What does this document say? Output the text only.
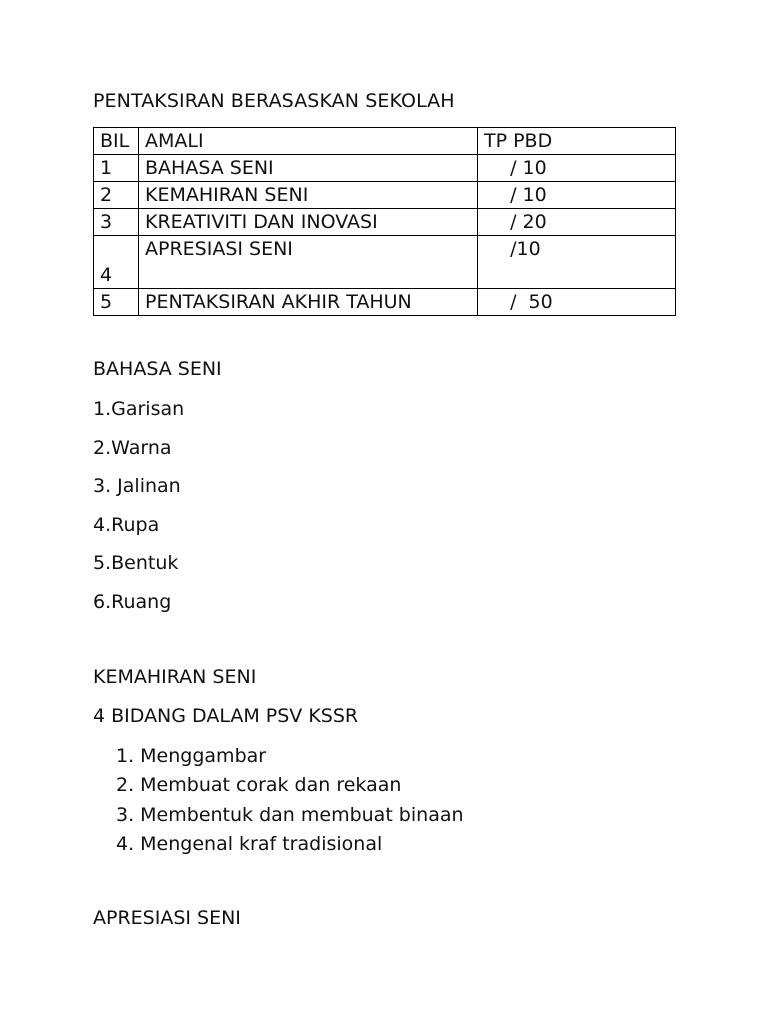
PENTAKSIRAN BERASASKAN SEKOLAH
BIL	AMALI	TP PBD
1	BAHASA SENI	/ 10
2	KEMAHIRAN SENI	/ 10
3	KREATIVITI DAN INOVASI	/ 20
4	APRESIASI SENI	/10
5	PENTAKSIRAN AKHIR TAHUN	/  50
BAHASA SENI
1.Garisan
2.Warna
3. Jalinan
4.Rupa
5.Bentuk
6.Ruang
KEMAHIRAN SENI

4 BIDANG DALAM PSV KSSR

1. Menggambar
2. Membuat corak dan rekaan
3. Membentuk dan membuat binaan
4. Mengenal kraf tradisional
APRESIASI SENI
